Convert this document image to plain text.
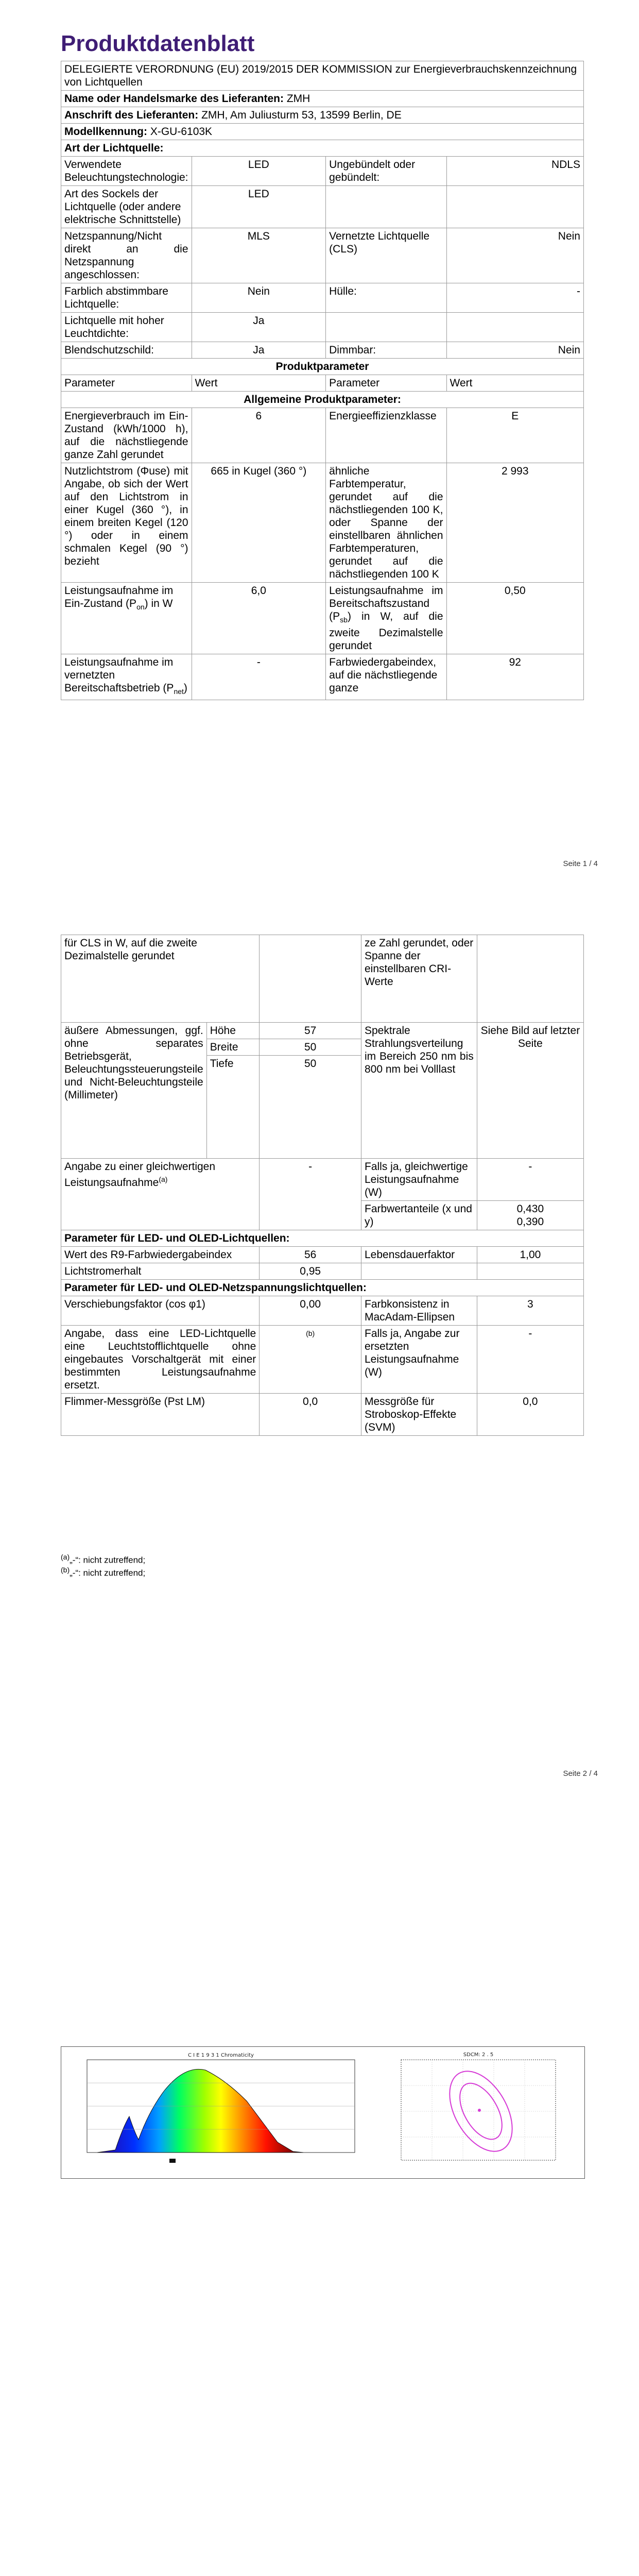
Produktdatenblatt
DELEGIERTE VERORDNUNG (EU) 2019/2015 DER KOMMISSION zur Energieverbrauchskennzeichnung von Lichtquellen			
Name oder Handelsmarke des Lieferanten: ZMH			
Anschrift des Lieferanten: ZMH, Am Juliusturm 53, 13599 Berlin, DE			
Modellkennung: X-GU-6103K			
Art der Lichtquelle:			
Verwendete Beleuchtungstechnologie:	LED	Ungebündelt oder gebündelt:	NDLS
Art des Sockels der Lichtquelle (oder andere elektrische Schnittstelle)	LED		
Netzspannung/Nicht direkt an die Netzspannung angeschlossen:	MLS	Vernetzte Lichtquelle (CLS)	Nein
Farblich abstimmbare Lichtquelle:	Nein	Hülle:	-
Lichtquelle mit hoher Leuchtdichte:	Ja		
Blendschutzschild:	Ja	Dimmbar:	Nein
Produktparameter			
Parameter	Wert	Parameter	Wert
Allgemeine Produktparameter:			
Energieverbrauch im Ein-Zustand (kWh/1000 h), auf die nächstliegende ganze Zahl gerundet	6	Energieeffizienzklasse	E
Nutzlichtstrom (Φuse) mit Angabe, ob sich der Wert auf den Lichtstrom in einer Kugel (360 °), in einem breiten Kegel (120 °) oder in einem schmalen Kegel (90 °) bezieht	665 in Kugel (360 °)	ähnliche Farbtemperatur, gerundet auf die nächstliegenden 100 K, oder Spanne der einstellbaren ähnlichen Farbtemperaturen, gerundet auf die nächstliegenden 100 K	2 993
Leistungsaufnahme im Ein-Zustand $(P_{on})$ in W	6,0	Leistungsaufnahme im Bereitschaftszustand $(P_{sb})$ in W, auf die zweite Dezimalstelle gerundet	0,50
Leistungsaufnahme im vernetzten Bereitschaftsbetrieb $(P_{net})$	-	Farbwiedergabeindex, auf die nächstliegende ganze	92
Seite 1 / 4
für CLS in W, auf die zweite Dezimalstelle gerundet			ze Zahl gerundet, oder Spanne der einstellbaren CRI-Werte	
äußere Abmessungen, ggf. ohne separates Betriebsgerät, Beleuchtungssteuerungsteile und Nicht-Beleuchtungsteile (Millimeter)	Höhe	57	Spektrale Strahlungsverteilung im Bereich 250 nm bis 800 nm bei Volllast	Siehe Bild auf letzter Seite
	Breite	50		
	Tiefe	50		
Angabe zu einer gleichwertigen Leistungsaufnahme$^{(a)}$		-	Falls ja, gleichwertige Leistungsaufnahme (W)	-
			Farbwertanteile (x und y)	0,430
0,390

Parameter für LED- und OLED-Lichtquellen:				
Wert des R9-Farbwiedergabeindex		56	Lebensdauerfaktor	1,00
Lichtstromerhalt		0,95		
Parameter für LED- und OLED-Netzspannungslichtquellen:				
Verschiebungsfaktor (cos φ1)		0,00	Farbkonsistenz in MacAdam-Ellipsen	3
Angabe, dass eine LED-Lichtquelle eine Leuchtstofflichtquelle ohne eingebautes Vorschaltgerät mit einer bestimmten Leistungsaufnahme ersetzt.		$^{(b)}$	Falls ja, Angabe zur ersetzten Leistungsaufnahme (W)	-
Flimmer-Messgröße (Pst LM)		0,0	Messgröße für Stroboskop-Effekte (SVM)	0,0
$^{(a)}$„-“: nicht zutreffend;
$^{(b)}$„-“: nicht zutreffend;
Seite 2 / 4
C I E 1 9 3 1 Chromaticity	SDCM: 2 . 5
